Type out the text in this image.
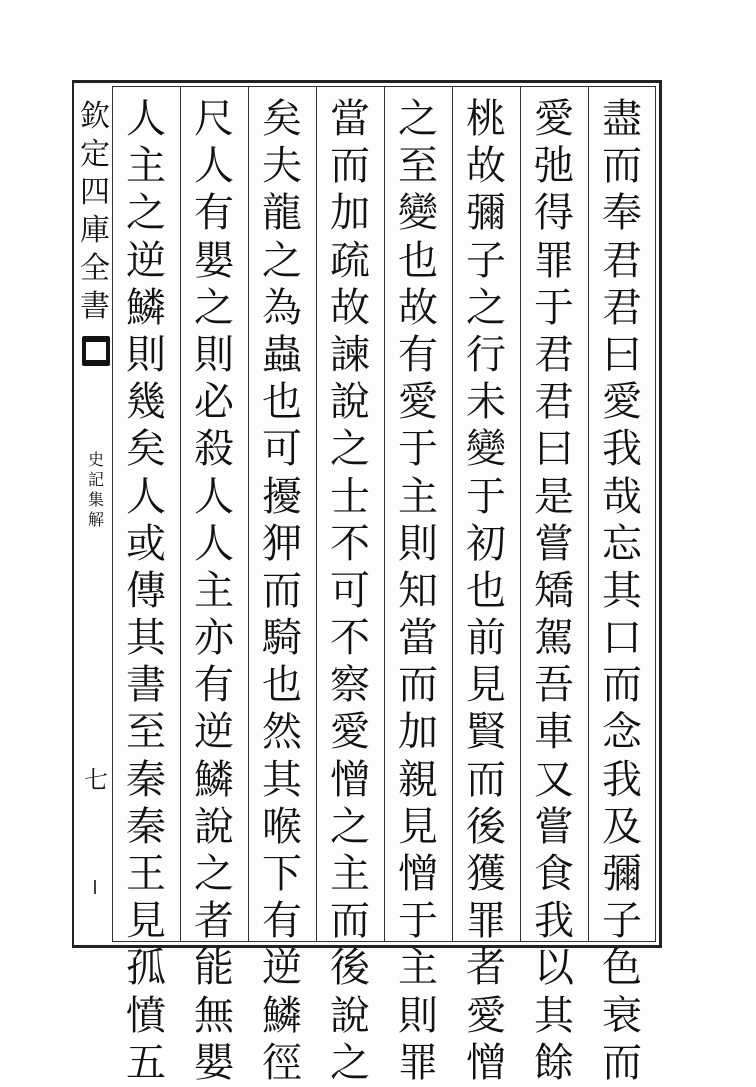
欽
定
四
庫
全
書
史
記
集
解
七
盡
而
奉
君
君
曰
愛
我
哉
忘
其
口
而
念
我
及
彌
子
色
衰
而
愛
弛
得
罪
于
君
君
曰
是
嘗
矯
駕
吾
車
又
嘗
食
我
以
其
餘
桃
故
彌
子
之
行
未
變
于
初
也
前
見
賢
而
後
獲
罪
者
愛
憎
之
至
變
也
故
有
愛
于
主
則
知
當
而
加
親
見
憎
于
主
則
罪
當
而
加
疏
故
諫
說
之
士
不
可
不
察
愛
憎
之
主
而
後
說
之
矣
夫
龍
之
為
蟲
也
可
擾
狎
而
騎
也
然
其
喉
下
有
逆
鱗
徑
尺
人
有
嬰
之
則
必
殺
人
人
主
亦
有
逆
鱗
說
之
者
能
無
嬰
人
主
之
逆
鱗
則
幾
矣
人
或
傳
其
書
至
秦
秦
王
見
孤
憤
五
